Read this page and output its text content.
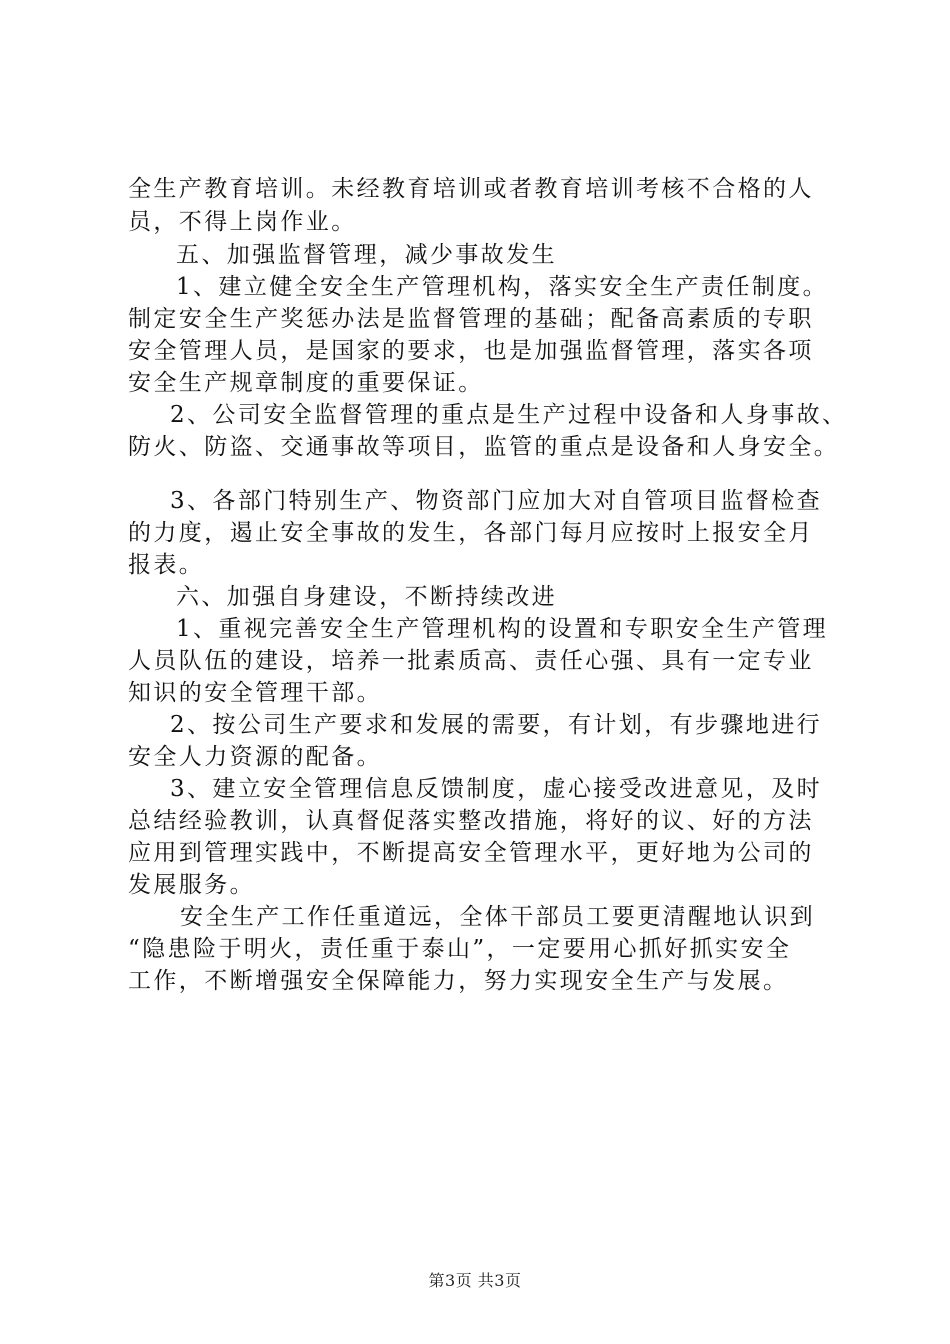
全生产教育培训。未经教育培训或者教育培训考核不合格的人
员，不得上岗作业。
五、加强监督管理，减少事故发生
1、建立健全安全生产管理机构，落实安全生产责任制度。
制定安全生产奖惩办法是监督管理的基础；配备高素质的专职
安全管理人员，是国家的要求，也是加强监督管理，落实各项
安全生产规章制度的重要保证。
2、公司安全监督管理的重点是生产过程中设备和人身事故、
防火、防盗、交通事故等项目，监管的重点是设备和人身安全。
3、各部门特别生产、物资部门应加大对自管项目监督检查
的力度，遏止安全事故的发生，各部门每月应按时上报安全月
报表。
六、加强自身建设，不断持续改进
1、重视完善安全生产管理机构的设置和专职安全生产管理
人员队伍的建设，培养一批素质高、责任心强、具有一定专业
知识的安全管理干部。
2、按公司生产要求和发展的需要，有计划，有步骤地进行
安全人力资源的配备。
3、建立安全管理信息反馈制度，虚心接受改进意见，及时
总结经验教训，认真督促落实整改措施，将好的议、好的方法
应用到管理实践中，不断提高安全管理水平，更好地为公司的
发展服务。
安全生产工作任重道远，全体干部员工要更清醒地认识到
“隐患险于明火，责任重于泰山”，一定要用心抓好抓实安全
工作，不断增强安全保障能力，努力实现安全生产与发展。
第3页 共3页
